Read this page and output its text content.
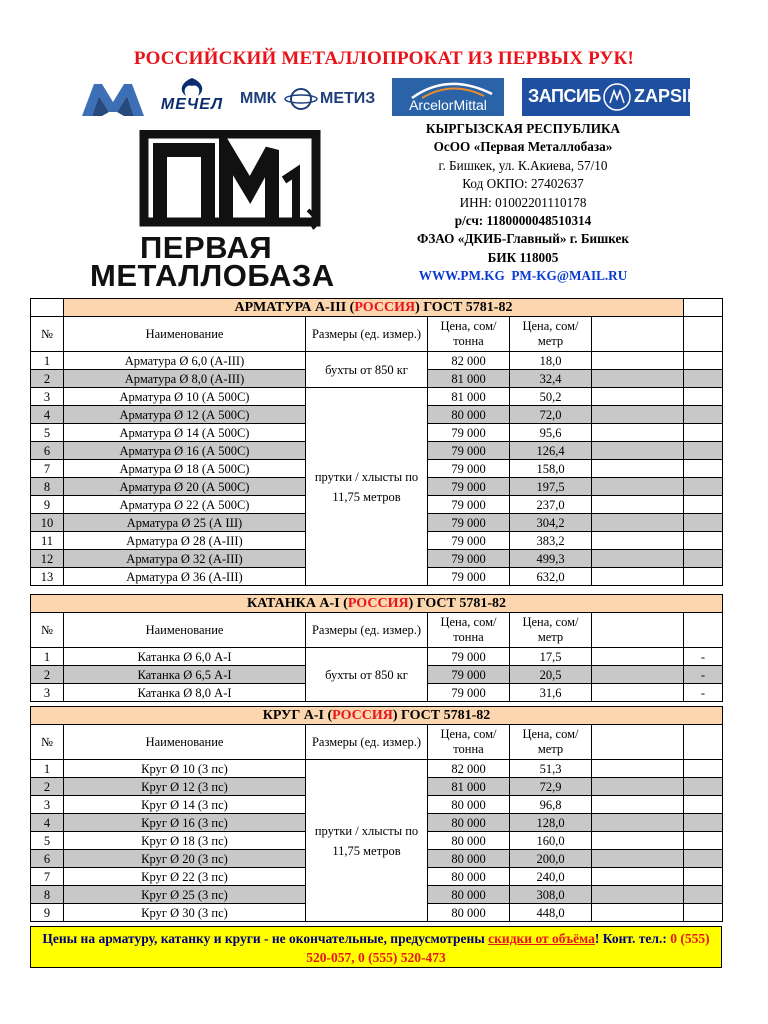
РОССИЙСКИЙ МЕТАЛЛОПРОКАТ ИЗ ПЕРВЫХ РУК!
МЕЧЕЛ	ММК	МЕТИЗ	ArcelorMittal	ЗАПСИБ ZAPSIB
ПЕРВАЯ
МЕТАЛЛОБАЗА
КЫРГЫЗСКАЯ РЕСПУБЛИКА
ОсОО «Первая Металлобаза»
г. Бишкек, ул. К.Акиева, 57/10
Код ОКПО: 27402637
ИНН: 01002201110178
р/сч: 1180000048510314
ФЗАО «ДКИБ-Главный» г. Бишкек
БИК 118005
WWW.PM.KG PM-KG@MAIL.RU
	АРМАТУРА А-III (РОССИЯ) ГОСТ 5781-82					
№	Наименование	Размеры (ед. измер.)	Цена, сом/тонна	Цена, сом/метр		
1	Арматура Ø 6,0 (А-III)	бухты от 850 кг	82 000	18,0		
2	Арматура Ø 8,0 (А-III)		81 000	32,4		
3	Арматура Ø 10 (А 500С)	прутки / хлысты по 11,75 метров	81 000	50,2		
4	Арматура Ø 12 (А 500С)		80 000	72,0		
5	Арматура Ø 14 (А 500С)		79 000	95,6		
6	Арматура Ø 16 (А 500С)		79 000	126,4		
7	Арматура Ø 18 (А 500С)		79 000	158,0		
8	Арматура Ø 20 (А 500С)		79 000	197,5		
9	Арматура Ø 22 (А 500С)		79 000	237,0		
10	Арматура Ø 25 (А Ш)		79 000	304,2		
11	Арматура Ø 28 (А-III)		79 000	383,2		
12	Арматура Ø 32 (А-III)		79 000	499,3		
13	Арматура Ø 36 (А-III)		79 000	632,0		
КАТАНКА А-I (РОССИЯ) ГОСТ 5781-82						
№	Наименование	Размеры (ед. измер.)	Цена, сом/тонна	Цена, сом/метр		
1	Катанка Ø 6,0 А-I	бухты от 850 кг	79 000	17,5		-
2	Катанка Ø 6,5 А-I		79 000	20,5		-
3	Катанка Ø 8,0 А-I		79 000	31,6		-
КРУГ А-I (РОССИЯ) ГОСТ 5781-82						
№	Наименование	Размеры (ед. измер.)	Цена, сом/тонна	Цена, сом/метр		
1	Круг Ø 10 (3 пс)	прутки / хлысты по 11,75 метров	82 000	51,3		
2	Круг Ø 12 (3 пс)		81 000	72,9		
3	Круг Ø 14 (3 пс)		80 000	96,8		
4	Круг Ø 16 (3 пс)		80 000	128,0		
5	Круг Ø 18 (3 пс)		80 000	160,0		
6	Круг Ø 20 (3 пс)		80 000	200,0		
7	Круг Ø 22 (3 пс)		80 000	240,0		
8	Круг Ø 25 (3 пс)		80 000	308,0		
9	Круг Ø 30 (3 пс)		80 000	448,0		
Цены на арматуру, катанку и круги - не окончательные, предусмотрены скидки от объёма! Конт. тел.: 0 (555) 520-057, 0 (555) 520-473
